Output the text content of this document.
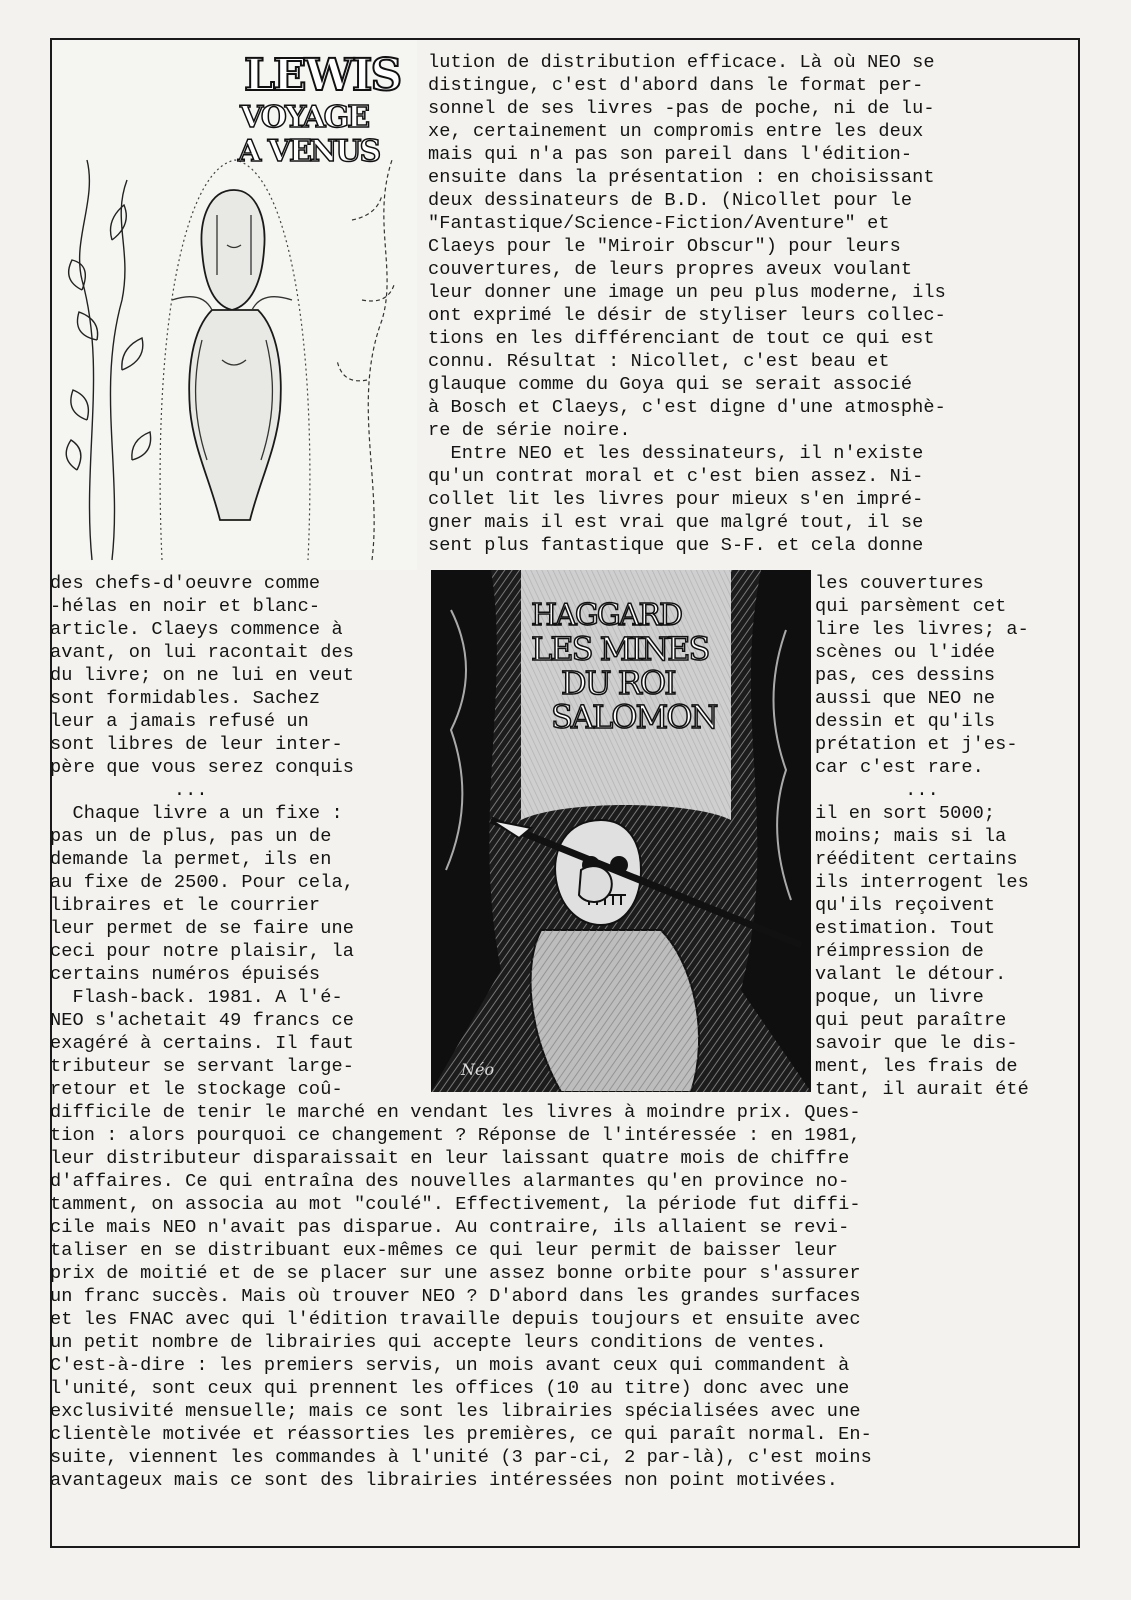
LEWIS
VOYAGE
A VENUS
Néo
HAGGARD
LES MINES
DU ROI
SALOMON
lution de distribution efficace. Là où NEO se
distingue, c'est d'abord dans le format per-
sonnel de ses livres -pas de poche, ni de lu-
xe, certainement un compromis entre les deux
mais qui n'a pas son pareil dans l'édition-
ensuite dans la présentation : en choisissant
deux dessinateurs de B.D. (Nicollet pour le
"Fantastique/Science-Fiction/Aventure" et
Claeys pour le "Miroir Obscur") pour leurs
couvertures, de leurs propres aveux voulant
leur donner une image un peu plus moderne, ils
ont exprimé le désir de styliser leurs collec-
tions en les différenciant de tout ce qui est
connu. Résultat : Nicollet, c'est beau et
glauque comme du Goya qui se serait associé
à Bosch et Claeys, c'est digne d'une atmosphè-
re de série noire.
Entre NEO et les dessinateurs, il n'existe
qu'un contrat moral et c'est bien assez. Ni-
collet lit les livres pour mieux s'en impré-
gner mais il est vrai que malgré tout, il se
sent plus fantastique que S-F. et cela donne
des chefs-d'oeuvre comme
-hélas en noir et blanc-
article. Claeys commence à
avant, on lui racontait des
du livre; on ne lui en veut
sont formidables. Sachez
leur a jamais refusé un
sont libres de leur inter-
père que vous serez conquis
...
Chaque livre a un fixe :
pas un de plus, pas un de
demande la permet, ils en
au fixe de 2500. Pour cela,
libraires et le courrier
leur permet de se faire une
ceci pour notre plaisir, la
certains numéros épuisés
Flash-back. 1981. A l'é-
NEO s'achetait 49 francs ce
exagéré à certains. Il faut
tributeur se servant large-
retour et le stockage coû-
les couvertures
qui parsèment cet
lire les livres; a-
scènes ou l'idée
pas, ces dessins
aussi que NEO ne
dessin et qu'ils
prétation et j'es-
car c'est rare.
...
il en sort 5000;
moins; mais si la
rééditent certains
ils interrogent les
qu'ils reçoivent
estimation. Tout
réimpression de
valant le détour.
poque, un livre
qui peut paraître
savoir que le dis-
ment, les frais de
tant, il aurait été
difficile de tenir le marché en vendant les livres à moindre prix. Ques-
tion : alors pourquoi ce changement ? Réponse de l'intéressée : en 1981,
leur distributeur disparaissait en leur laissant quatre mois de chiffre
d'affaires. Ce qui entraîna des nouvelles alarmantes qu'en province no-
tamment, on associa au mot "coulé". Effectivement, la période fut diffi-
cile mais NEO n'avait pas disparue. Au contraire, ils allaient se revi-
taliser en se distribuant eux-mêmes ce qui leur permit de baisser leur
prix de moitié et de se placer sur une assez bonne orbite pour s'assurer
un franc succès. Mais où trouver NEO ? D'abord dans les grandes surfaces
et les FNAC avec qui l'édition travaille depuis toujours et ensuite avec
un petit nombre de librairies qui accepte leurs conditions de ventes.
C'est-à-dire : les premiers servis, un mois avant ceux qui commandent à
l'unité, sont ceux qui prennent les offices (10 au titre) donc avec une
exclusivité mensuelle; mais ce sont les librairies spécialisées avec une
clientèle motivée et réassorties les premières, ce qui paraît normal. En-
suite, viennent les commandes à l'unité (3 par-ci, 2 par-là), c'est moins
avantageux mais ce sont des librairies intéressées non point motivées.
